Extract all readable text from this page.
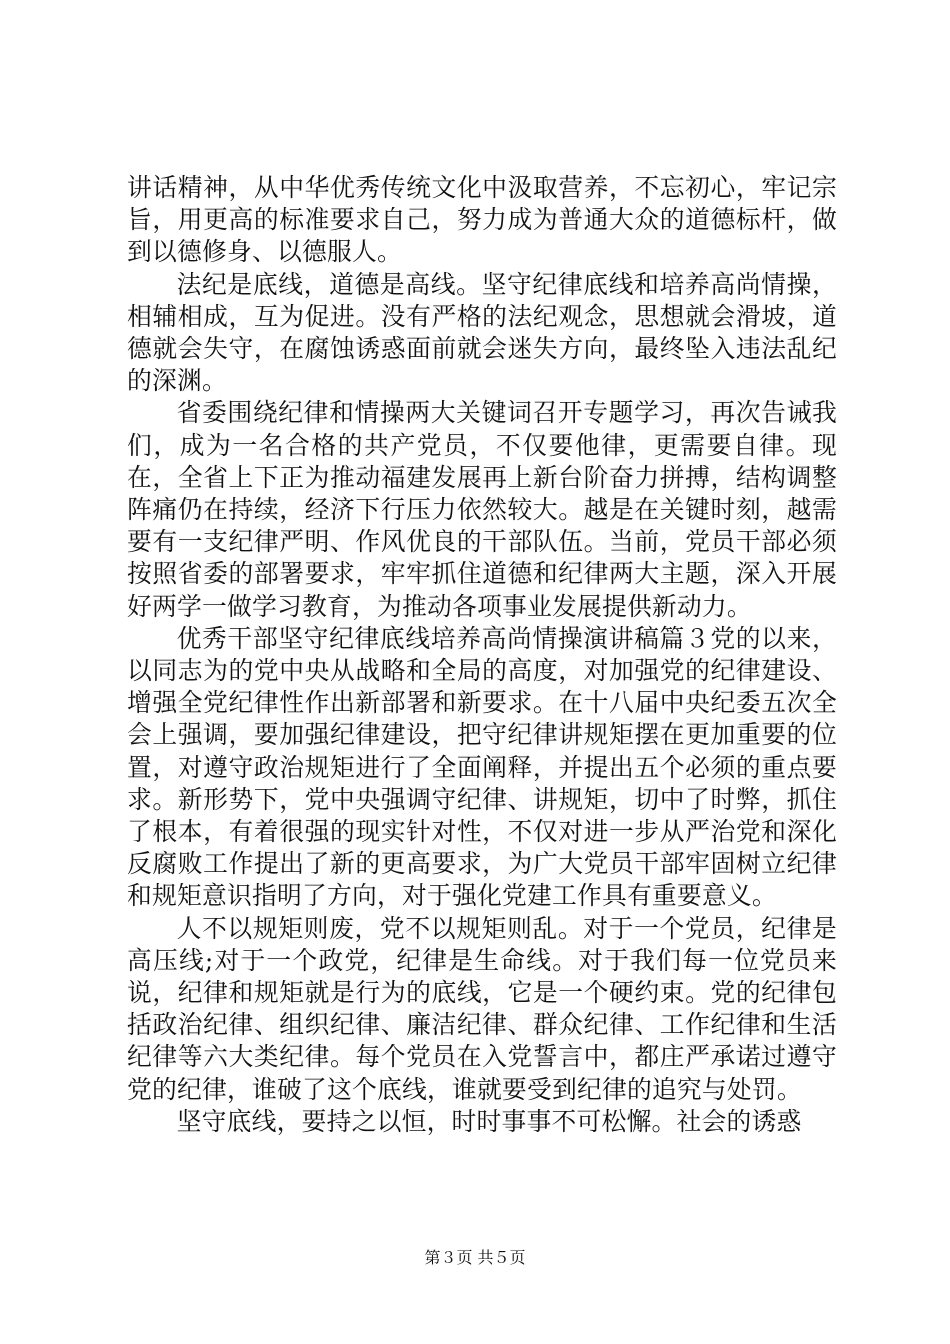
讲话精神，从中华优秀传统文化中汲取营养，不忘初心，牢记宗旨，用更高的标准要求自己，努力成为普通大众的道德标杆，做到以德修身、以德服人。

法纪是底线，道德是高线。坚守纪律底线和培养高尚情操，相辅相成，互为促进。没有严格的法纪观念，思想就会滑坡，道德就会失守，在腐蚀诱惑面前就会迷失方向，最终坠入违法乱纪的深渊。

省委围绕纪律和情操两大关键词召开专题学习，再次告诫我们，成为一名合格的共产党员，不仅要他律，更需要自律。现在，全省上下正为推动福建发展再上新台阶奋力拼搏，结构调整阵痛仍在持续，经济下行压力依然较大。越是在关键时刻，越需要有一支纪律严明、作风优良的干部队伍。当前，党员干部必须按照省委的部署要求，牢牢抓住道德和纪律两大主题，深入开展好两学一做学习教育，为推动各项事业发展提供新动力。

优秀干部坚守纪律底线培养高尚情操演讲稿篇３党的以来，以同志为的党中央从战略和全局的高度，对加强党的纪律建设、增强全党纪律性作出新部署和新要求。在十八届中央纪委五次全会上强调，要加强纪律建设，把守纪律讲规矩摆在更加重要的位置，对遵守政治规矩进行了全面阐释，并提出五个必须的重点要求。新形势下，党中央强调守纪律、讲规矩，切中了时弊，抓住了根本，有着很强的现实针对性，不仅对进一步从严治党和深化反腐败工作提出了新的更高要求，为广大党员干部牢固树立纪律和规矩意识指明了方向，对于强化党建工作具有重要意义。

人不以规矩则废，党不以规矩则乱。对于一个党员，纪律是高压线;对于一个政党，纪律是生命线。对于我们每一位党员来说，纪律和规矩就是行为的底线，它是一个硬约束。党的纪律包括政治纪律、组织纪律、廉洁纪律、群众纪律、工作纪律和生活纪律等六大类纪律。每个党员在入党誓言中，都庄严承诺过遵守党的纪律，谁破了这个底线，谁就要受到纪律的追究与处罚。

坚守底线，要持之以恒，时时事事不可松懈。社会的诱惑

第３页 共５页
